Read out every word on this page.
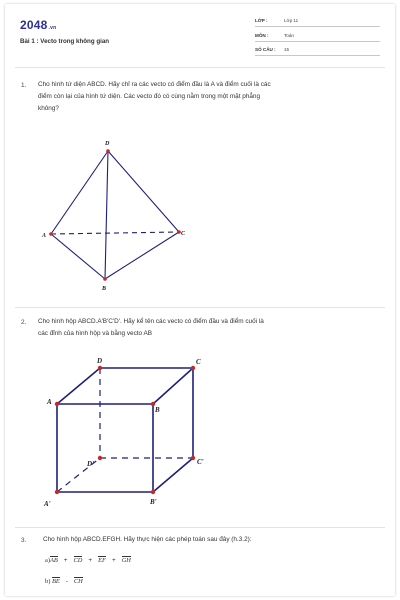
2048.vn
Bài 1 : Vecto trong không gian
LỚP :	Lớp 11
MÔN :	Toán
SỐ CÂU : 15
1. Cho hình tứ diện ABCD. Hãy chỉ ra các vecto có điểm đầu là A và điểm cuối là các
điểm còn lại của hình tứ diện. Các vecto đó có cùng nằm trong một mặt phẳng
không?
D
A
B
C
2. Cho hình hộp ABCD.A'B'C'D'. Hãy kể tên các vecto có điểm đầu và điểm cuối là
các đỉnh của hình hộp và bằng vecto AB
D	C
A
B
D'	C'
A'	B'
3.	Cho hình hộp ABCD.EFGH. Hãy thực hiện các phép toán sau đây (h.3.2):
a)AB + CD + EF + GH
b) BE - CH
